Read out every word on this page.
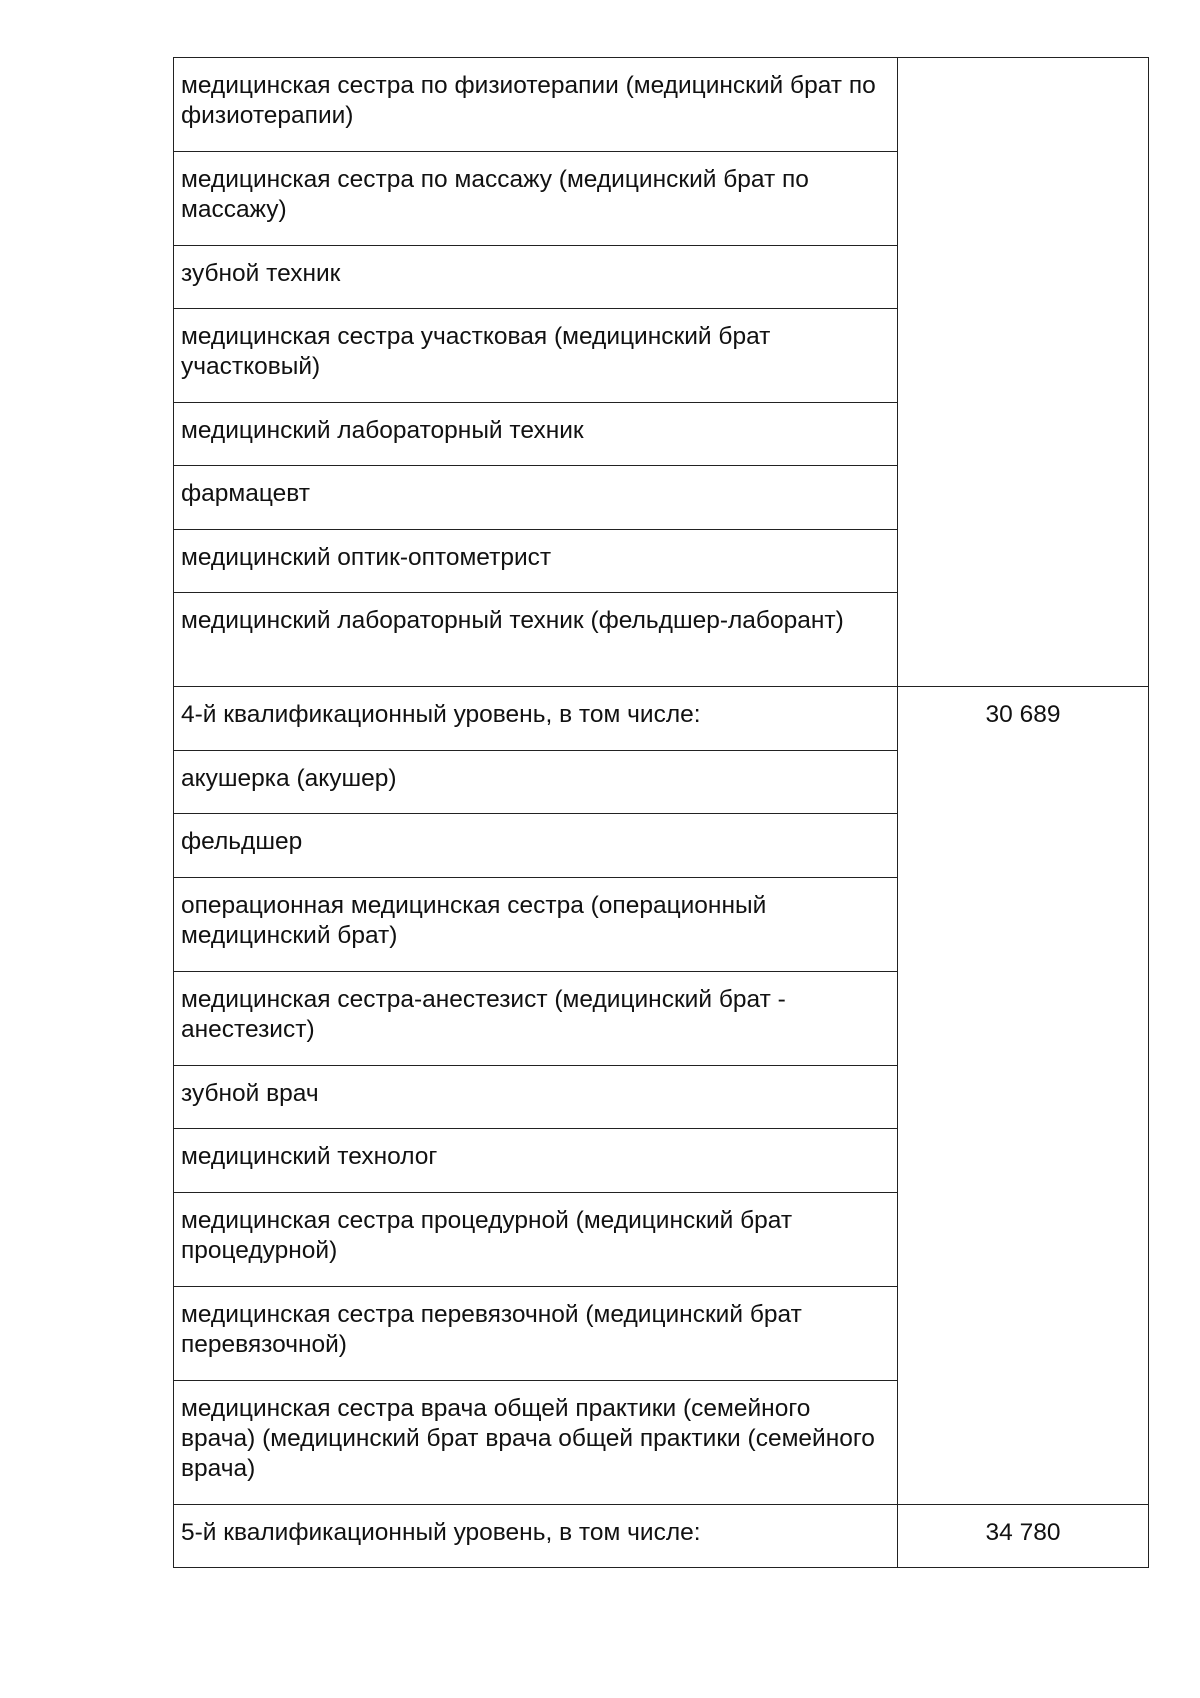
медицинская сестра по физиотерапии (медицинский брат по физиотерапии)	
медицинская сестра по массажу (медицинский брат по массажу)	
зубной техник	
медицинская сестра участковая (медицинский брат участковый)	
медицинский лабораторный техник	
фармацевт	
медицинский оптик-оптометрист	
медицинский лабораторный техник (фельдшер-лаборант)	
4-й квалификационный уровень, в том числе:	30 689
акушерка (акушер)	
фельдшер	
операционная медицинская сестра (операционный медицинский брат)	
медицинская сестра-анестезист (медицинский брат - анестезист)	
зубной врач	
медицинский технолог	
медицинская сестра процедурной (медицинский брат процедурной)	
медицинская сестра перевязочной (медицинский брат перевязочной)	
медицинская сестра врача общей практики (семейного врача) (медицинский брат врача общей практики (семейного врача)	
5-й квалификационный уровень, в том числе:	34 780
